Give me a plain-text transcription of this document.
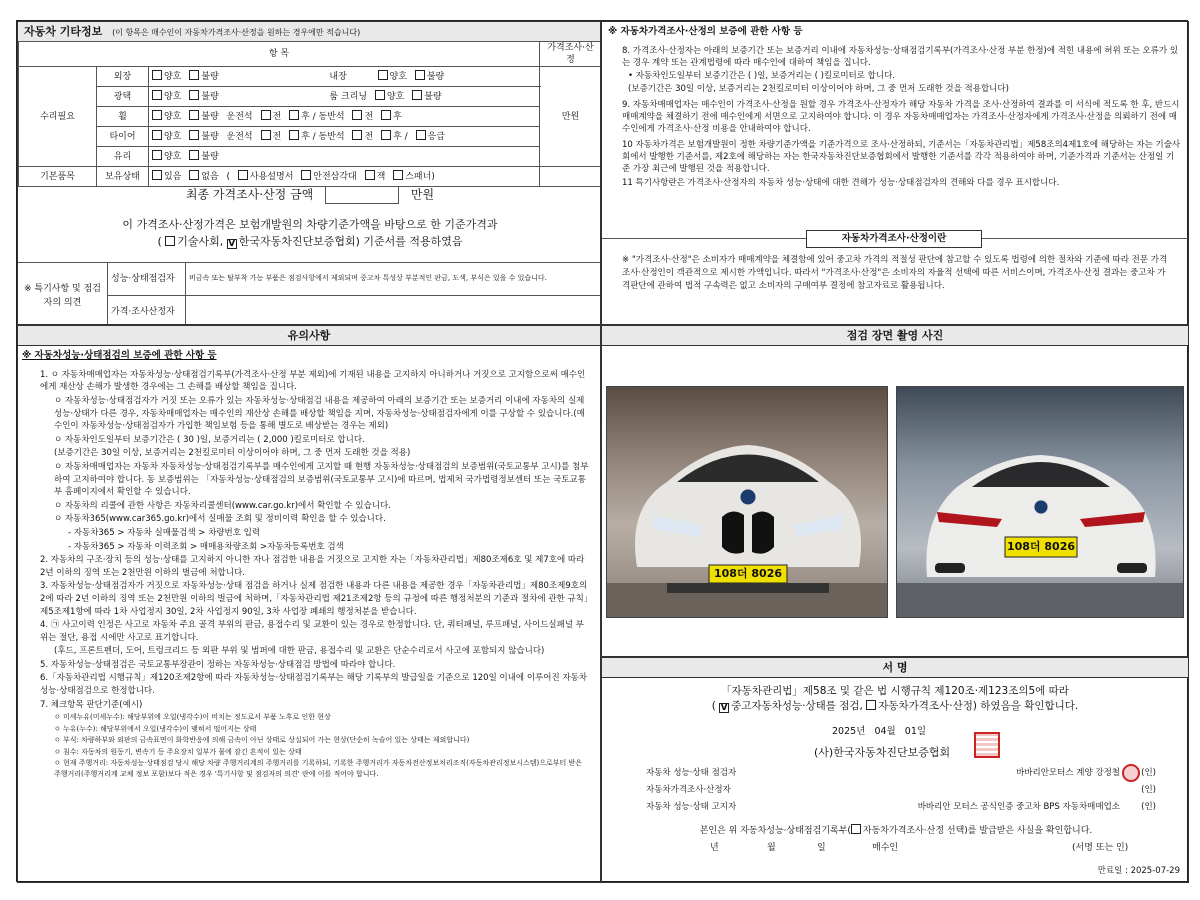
자동차 기타정보 (이 항목은 매수인이 자동차가격조사·산정을 원하는 경우에만 적습니다)
항 목			가격조사·산정
수리필요	외장	양호 불량 내장 양호 불량	만원
	광택	양호 불량 룸 크리닝 양호 불량	
	휠	양호 불량 운전석 전 후 / 동반석 전 후	
	타이어	양호 불량 운전석 전 후 / 동반석 전 후 / 응급	
	유리	양호 불량	
기본품목	보유상태	있음 없음 ( 사용설명서 안전삼각대 잭 스패너)	
최종 가격조사·산정 금액	만원
이 가격조사·산정가격은 보험개발원의 차량기준가액을 바탕으로 한 기준가격과
( 기술사회, V 한국자동차진단보증협회) 기준서를 적용하였음
※ 특기사항 및 점검자의 의견	성능·상태점검자	비금속 또는 탈부착 가능 부품은 점검사항에서 제외되며 중고차 특성상 부분적인 판금, 도색, 부식은 있을 수 있습니다.
	가격·조사산정자	
※ 자동차가격조사·산정의 보증에 관한 사항 등

8. 가격조사·산정자는 아래의 보증기간 또는 보증거리 이내에 자동차성능·상태점검기록부(가격조사·산정 부분 한정)에 적힌 내용에 허위 또는 오류가 있는 경우 계약 또는 관계법령에 따라 매수인에 대하여 책임을 집니다.

• 자동차인도일부터 보증기간은 ( )일, 보증거리는 ( )킬로미터로 합니다.

(보증기간은 30일 이상, 보증거리는 2천킬로미터 이상이어야 하며, 그 중 먼저 도래한 것을 적용합니다)

9. 자동차매매업자는 매수인이 가격조사·산정을 원할 경우 가격조사·산정자가 해당 자동차 가격을 조사·산정하여 결과를 이 서식에 적도록 한 후, 반드시 매매계약을 체결하기 전에 매수인에게 서면으로 고지하여야 합니다. 이 경우 자동차매매업자는 가격조사·산정자에게 가격조사·산정을 의뢰하기 전에 매수인에게 가격조사·산정 비용을 안내하여야 합니다.

10 자동차가격은 보험개발원이 정한 차량기준가액을 기준가격으로 조사·산정하되, 기준서는「자동차관리법」제58조의4제1호에 해당하는 자는 기술사회에서 발행한 기준서를, 제2호에 해당하는 자는 한국자동차진단보증협회에서 발행한 기준서를 각각 적용하여야 하며, 기준가격과 기준서는 산정일 기준 가장 최근에 발행된 것을 적용합니다.

11 특기사항란은 가격조사·산정자의 자동차 성능·상태에 대한 견해가 성능·상태점검자의 견해와 다를 경우 표시합니다.

자동차가격조사·산정이란
※ "가격조사·산정"은 소비자가 매매계약을 체결함에 있어 중고차 가격의 적절성 판단에 참고할 수 있도록 법령에 의한 절차와 기준에 따라 전문 가격조사·산정인이 객관적으로 제시한 가액입니다. 따라서 "가격조사·산정"은 소비자의 자율적 선택에 따른 서비스이며, 가격조사·산정 결과는 중고차 가격판단에 관하여 법적 구속력은 없고 소비자의 구매여부 결정에 참고자료로 활용됩니다.
유의사항
※ 자동차성능·상태점검의 보증에 관한 사항 등

1. ㅇ 자동차매매업자는 자동차성능·상태점검기록부(가격조사·산정 부분 제외)에 기재된 내용을 고지하지 아니하거나 거짓으로 고지함으로써 매수인에게 재산상 손해가 발생한 경우에는 그 손해를 배상할 책임을 집니다.

ㅇ 자동차성능·상태점검자가 거짓 또는 오류가 있는 자동차성능·상태점검 내용을 제공하여 아래의 보증기간 또는 보증거리 이내에 자동차의 실제 성능·상태가 다른 경우, 자동차매매업자는 매수인의 재산상 손해를 배상할 책임을 지며, 자동차성능·상태점검자에게 이를 구상할 수 있습니다.(매수인이 자동차성능·상태점검자가 가입한 책임보험 등을 통해 별도로 배상받는 경우는 제외)

ㅇ 자동차인도일부터 보증기간은 ( 30 )일, 보증거리는 ( 2,000 )킬로미터로 합니다.

(보증기간은 30일 이상, 보증거리는 2천킬로미터 이상이어야 하며, 그 중 먼저 도래한 것을 적용)

ㅇ 자동차매매업자는 자동차 자동차성능·상태점검기록부를 매수인에게 고지할 때 현행 자동차성능·상태점검의 보증범위(국토교통부 고시)를 첨부하여 고지하여야 합니다. 동 보증범위는 「자동차성능·상태점검의 보증범위(국토교통부 고시)에 따르며, 법제처 국가법령정보센터 또는 국토교통부 홈페이지에서 확인할 수 있습니다.

ㅇ 자동차의 리콜에 관한 사항은 자동차리콜센터(www.car.go.kr)에서 확인할 수 있습니다.

ㅇ 자동차365(www.car365.go.kr)에서 실매물 조회 및 정비이력 확인을 할 수 있습니다.

- 자동차365 > 자동차 실매물검색 > 차량번호 입력

- 자동차365 > 자동차 이력조회 > 매매용차량조회 >자동차등록번호 검색

2. 자동차의 구조·장치 등의 성능·상태를 고지하지 아니한 자나 점검한 내용을 거짓으로 고지한 자는「자동차관리법」제80조제6호 및 제7호에 따라 2년 이하의 징역 또는 2천만원 이하의 벌금에 처합니다.

3. 자동차성능·상태점검자가 거짓으로 자동차성능·상태 점검을 하거나 실제 점검한 내용과 다른 내용을 제공한 경우「자동차관리법」제80조제9호의2에 따라 2년 이하의 징역 또는 2천만원 이하의 벌금에 처하며,「자동차관리법 제21조제2항 등의 규정에 따른 행정처분의 기준과 절차에 관한 규칙」제5조제1항에 따라 1차 사업정지 30일, 2차 사업정지 90일, 3차 사업장 폐쇄의 행정처분을 받습니다.

4. ㉠ 사고이력 인정은 사고로 자동차 주요 골격 부위의 판금, 용접수리 및 교환이 있는 경우로 한정합니다. 단, 쿼터패널, 루프패널, 사이드실패널 부위는 절단, 용접 시에만 사고로 표기합니다.

(후드, 프론트펜더, 도어, 트렁크리드 등 외판 부위 및 범퍼에 대한 판금, 용접수리 및 교환은 단순수리로서 사고에 포함되지 않습니다)

5. 자동차성능·상태점검은 국토교통부장관이 정하는 자동차성능·상태점검 방법에 따라야 합니다.

6.「자동차관리법 시행규칙」제120조제2항에 따라 자동차성능·상태점검기록부는 해당 기록부의 발급일을 기준으로 120일 이내에 이루어진 자동차 성능·상태점검으로 한정합니다.

7. 체크항목 판단기준(예시)

ㅇ 미세누유(미세누수): 해당부위에 오일(냉각수)이 비치는 정도로서 부품 노후로 인한 현상

ㅇ 누유(누수): 해당부위에서 오일(냉각수)이 맺혀서 떨어지는 상태

ㅇ 부식: 차량하부와 외판의 금속표면이 화학반응에 의해 금속이 아닌 상태로 상실되어 가는 현상(단순히 녹슬어 있는 상태는 제외합니다)

ㅇ 침수: 자동차의 원동기, 변속기 등 주요장치 일부가 물에 잠긴 흔적이 있는 상태

ㅇ 현재 주행거리: 자동차성능·상태점검 당시 해당 차량 주행거리계의 주행거리를 기록하되, 기록한 주행거리가 자동차전산정보처리조직(자동차관리정보시스템)으로부터 받은 주행거리(주행거리계 교체 정보 포함)보다 적은 경우 '특기사항 및 점검자의 의견' 란에 이를 적어야 합니다.

점검 장면 촬영 사진
108더 8026
108더 8026
서 명
「자동차관리법」제58조 및 같은 법 시행규칙 제120조·제123조의5에 따라
( V 중고자동차성능·상태를 점검, 자동차가격조사·산정) 하였음을 확인합니다.
2025년 04월 01일
(사)한국자동차진단보증협회
자동차 성능·상태 점검자	바바리안모터스 계양 강정철 (인)
자동차가격조사·산정자	(인)
자동차 성능·상태 고지자	바바리안 모터스 공식인증 중고차 BPS 자동차매매업소 (인)
본인은 위 자동차성능·상태점검기록부( 자동차가격조사·산정 선택)를 발급받은 사실을 확인합니다.
년	월	일	매수인	(서명 또는 인)
만료일 : 2025-07-29
